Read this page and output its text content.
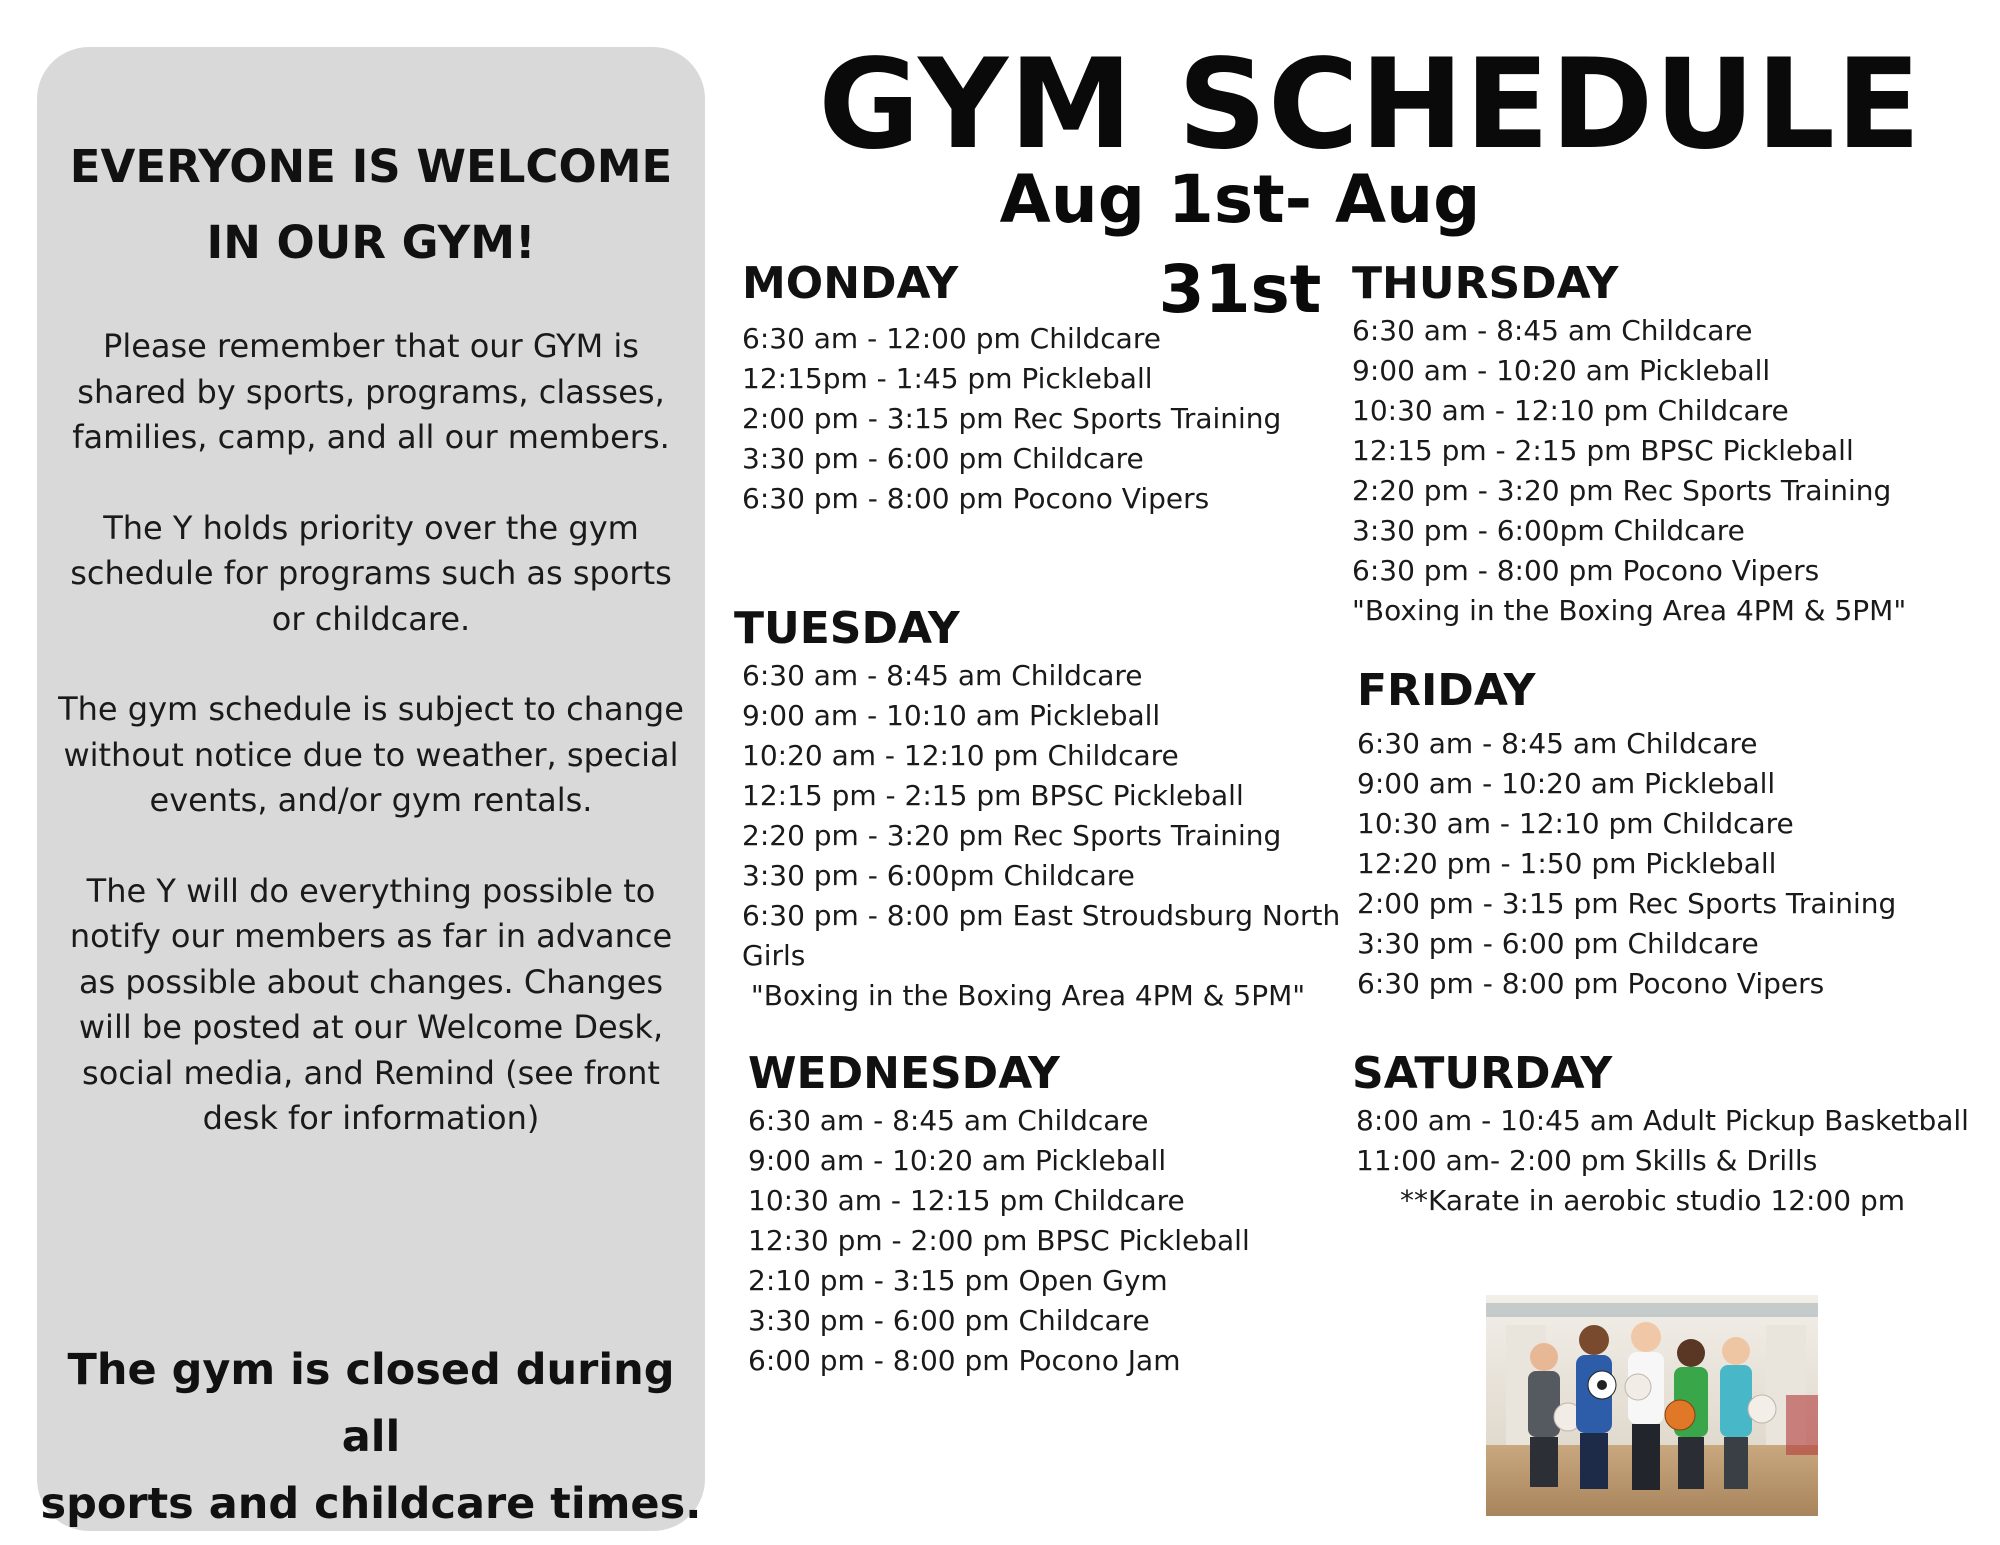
EVERYONE IS WELCOME
IN OUR GYM!

Please remember that our GYM is
shared by sports, programs, classes,
families, camp, and all our members.

The Y holds priority over the gym
schedule for programs such as sports
or childcare.

The gym schedule is subject to change
without notice due to weather, special
events, and/or gym rentals.

The Y will do everything possible to
notify our members as far in advance
as possible about changes. Changes
will be posted at our Welcome Desk,
social media, and Remind (see front
desk for information)

The gym is closed during all
sports and childcare times.
GYM SCHEDULE
Aug 1st- Aug 31st
MONDAY
6:30 am - 12:00 pm Childcare
12:15pm - 1:45 pm Pickleball
2:00 pm - 3:15 pm Rec Sports Training
3:30 pm - 6:00 pm Childcare
6:30 pm - 8:00 pm Pocono Vipers
TUESDAY
6:30 am - 8:45 am Childcare
9:00 am - 10:10 am Pickleball
10:20 am - 12:10 pm Childcare
12:15 pm - 2:15 pm BPSC Pickleball
2:20 pm - 3:20 pm Rec Sports Training
3:30 pm - 6:00pm Childcare
6:30 pm - 8:00 pm East Stroudsburg North
Girls
"Boxing in the Boxing Area 4PM & 5PM"
WEDNESDAY
6:30 am - 8:45 am Childcare
9:00 am - 10:20 am Pickleball
10:30 am - 12:15 pm Childcare
12:30 pm - 2:00 pm BPSC Pickleball
2:10 pm - 3:15 pm Open Gym
3:30 pm - 6:00 pm Childcare
6:00 pm - 8:00 pm Pocono Jam
THURSDAY
6:30 am - 8:45 am Childcare
9:00 am - 10:20 am Pickleball
10:30 am - 12:10 pm Childcare
12:15 pm - 2:15 pm BPSC Pickleball
2:20 pm - 3:20 pm Rec Sports Training
3:30 pm - 6:00pm Childcare
6:30 pm - 8:00 pm Pocono Vipers
"Boxing in the Boxing Area 4PM & 5PM"
FRIDAY
6:30 am - 8:45 am Childcare
9:00 am - 10:20 am Pickleball
10:30 am - 12:10 pm Childcare
12:20 pm - 1:50 pm Pickleball
2:00 pm - 3:15 pm Rec Sports Training
3:30 pm - 6:00 pm Childcare
6:30 pm - 8:00 pm Pocono Vipers
SATURDAY
8:00 am - 10:45 am Adult Pickup Basketball
11:00 am- 2:00 pm Skills & Drills
**Karate in aerobic studio 12:00 pm
